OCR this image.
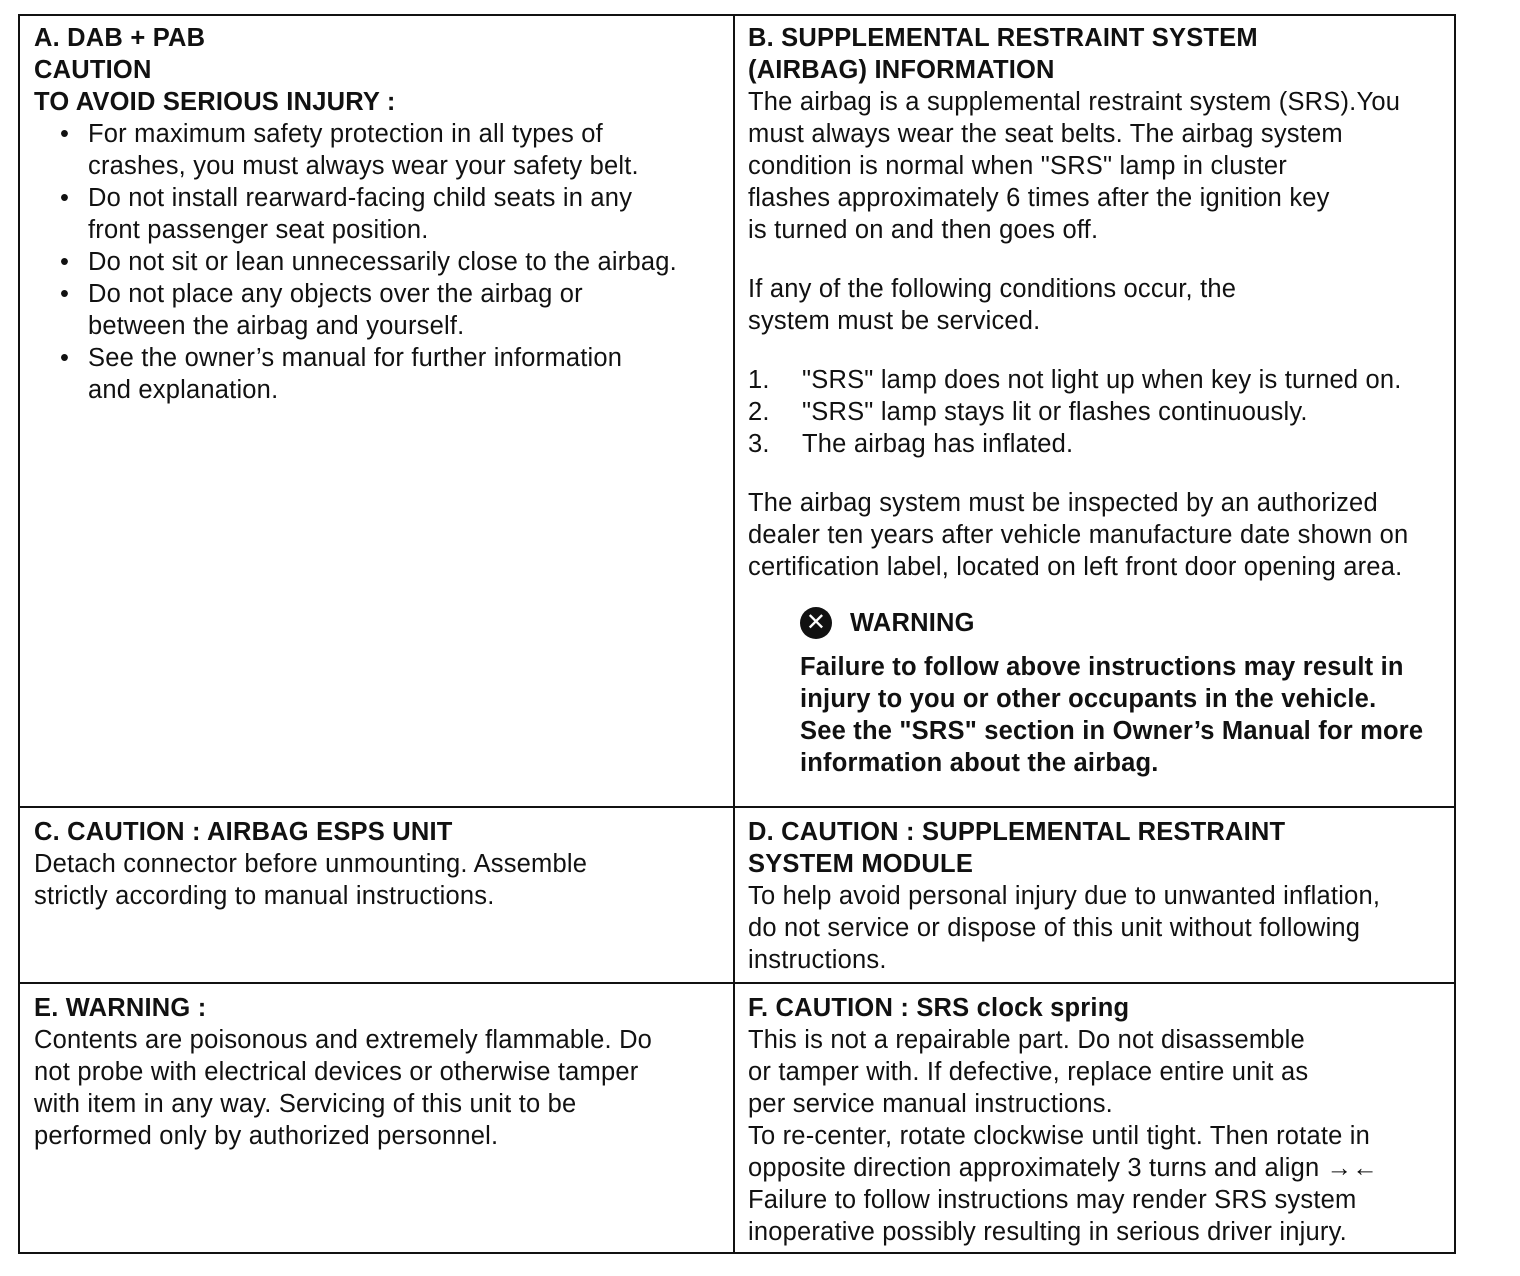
A. DAB + PAB
CAUTION
TO AVOID SERIOUS INJURY :
• For maximum safety protection in all types of
crashes, you must always wear your safety belt.
• Do not install rearward-facing child seats in any
front passenger seat position.
• Do not sit or lean unnecessarily close to the airbag.
• Do not place any objects over the airbag or
between the airbag and yourself.
• See the owner’s manual for further information
and explanation.
B. SUPPLEMENTAL RESTRAINT SYSTEM
(AIRBAG) INFORMATION
The airbag is a supplemental restraint system (SRS).You
must always wear the seat belts. The airbag system
condition is normal when "SRS" lamp in cluster
flashes approximately 6 times after the ignition key
is turned on and then goes off.
If any of the following conditions occur, the
system must be serviced.
1. "SRS" lamp does not light up when key is turned on.
2. "SRS" lamp stays lit or flashes continuously.
3. The airbag has inflated.
The airbag system must be inspected by an authorized
dealer ten years after vehicle manufacture date shown on
certification label, located on left front door opening area.
✕ WARNING
Failure to follow above instructions may result in
injury to you or other occupants in the vehicle.
See the "SRS" section in Owner’s Manual for more
information about the airbag.
C. CAUTION : AIRBAG ESPS UNIT
Detach connector before unmounting. Assemble
strictly according to manual instructions.
D. CAUTION : SUPPLEMENTAL RESTRAINT
SYSTEM MODULE
To help avoid personal injury due to unwanted inflation,
do not service or dispose of this unit without following
instructions.
E. WARNING :
Contents are poisonous and extremely flammable. Do
not probe with electrical devices or otherwise tamper
with item in any way. Servicing of this unit to be
performed only by authorized personnel.
F. CAUTION : SRS clock spring
This is not a repairable part. Do not disassemble
or tamper with. If defective, replace entire unit as
per service manual instructions.
To re-center, rotate clockwise until tight. Then rotate in
opposite direction approximately 3 turns and align →←
Failure to follow instructions may render SRS system
inoperative possibly resulting in serious driver injury.
